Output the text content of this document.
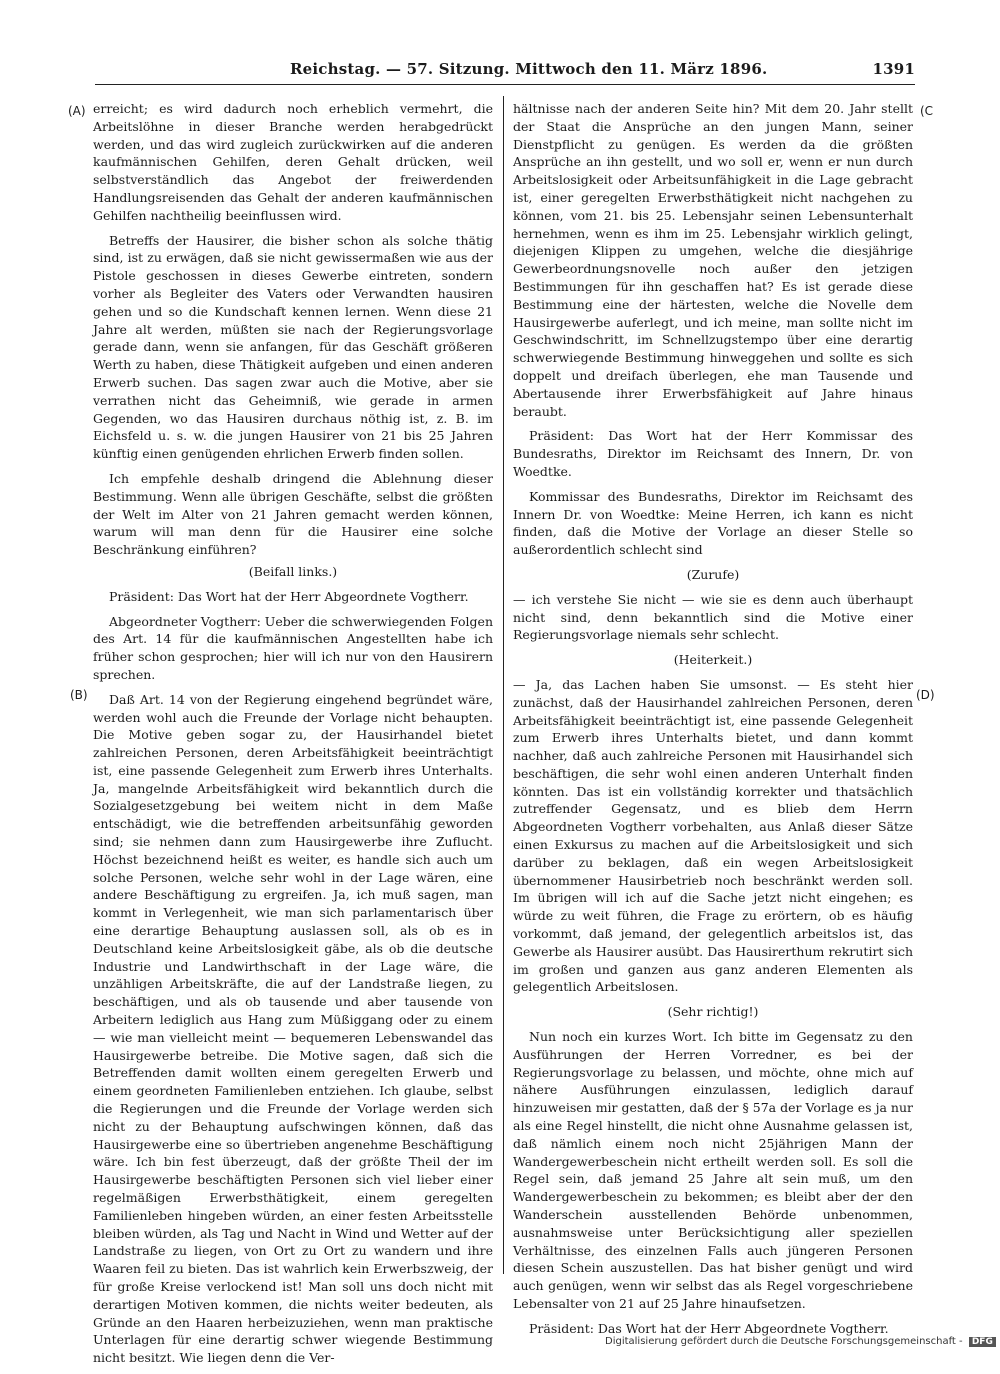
Reichstag. — 57. Sitzung. Mittwoch den 11. März 1896.	1391
(A)
(B)
(C
(D)

erreicht; es wird dadurch noch erheblich vermehrt, die Arbeitslöhne in dieser Branche werden herabgedrückt werden, und das wird zugleich zurückwirken auf die anderen kaufmännischen Gehilfen, deren Gehalt drücken, weil selbstverständlich das Angebot der freiwerdenden Handlungsreisenden das Gehalt der anderen kaufmännischen Gehilfen nachtheilig beeinflussen wird.

Betreffs der Hausirer, die bisher schon als solche thätig sind, ist zu erwägen, daß sie nicht gewissermaßen wie aus der Pistole geschossen in dieses Gewerbe eintreten, sondern vorher als Begleiter des Vaters oder Verwandten hausiren gehen und so die Kundschaft kennen lernen. Wenn diese 21 Jahre alt werden, müßten sie nach der Regierungsvorlage gerade dann, wenn sie anfangen, für das Geschäft größeren Werth zu haben, diese Thätigkeit aufgeben und einen anderen Erwerb suchen. Das sagen zwar auch die Motive, aber sie verrathen nicht das Geheimniß, wie gerade in armen Gegenden, wo das Hausiren durchaus nöthig ist, z. B. im Eichsfeld u. s. w. die jungen Hausirer von 21 bis 25 Jahren künftig einen genügenden ehrlichen Erwerb finden sollen.

Ich empfehle deshalb dringend die Ablehnung dieser Bestimmung. Wenn alle übrigen Geschäfte, selbst die größten der Welt im Alter von 21 Jahren gemacht werden können, warum will man denn für die Hausirer eine solche Beschränkung einführen?

(Beifall links.)

Präsident: Das Wort hat der Herr Abgeordnete Vogtherr.

Abgeordneter Vogtherr: Ueber die schwerwiegenden Folgen des Art. 14 für die kaufmännischen Angestellten habe ich früher schon gesprochen; hier will ich nur von den Hausirern sprechen.

Daß Art. 14 von der Regierung eingehend begründet wäre, werden wohl auch die Freunde der Vorlage nicht behaupten. Die Motive geben sogar zu, der Hausirhandel bietet zahlreichen Personen, deren Arbeitsfähigkeit beeinträchtigt ist, eine passende Gelegenheit zum Erwerb ihres Unterhalts. Ja, mangelnde Arbeitsfähigkeit wird bekanntlich durch die Sozialgesetzgebung bei weitem nicht in dem Maße entschädigt, wie die betreffenden arbeitsunfähig geworden sind; sie nehmen dann zum Hausirgewerbe ihre Zuflucht. Höchst bezeichnend heißt es weiter, es handle sich auch um solche Personen, welche sehr wohl in der Lage wären, eine andere Beschäftigung zu ergreifen. Ja, ich muß sagen, man kommt in Verlegenheit, wie man sich parlamentarisch über eine derartige Behauptung auslassen soll, als ob es in Deutschland keine Arbeitslosigkeit gäbe, als ob die deutsche Industrie und Landwirthschaft in der Lage wäre, die unzähligen Arbeitskräfte, die auf der Landstraße liegen, zu beschäftigen, und als ob tausende und aber tausende von Arbeitern lediglich aus Hang zum Müßiggang oder zu einem — wie man vielleicht meint — bequemeren Lebenswandel das Hausirgewerbe betreibe. Die Motive sagen, daß sich die Betreffenden damit wollten einem geregelten Erwerb und einem geordneten Familienleben entziehen. Ich glaube, selbst die Regierungen und die Freunde der Vorlage werden sich nicht zu der Behauptung aufschwingen können, daß das Hausirgewerbe eine so übertrieben angenehme Beschäftigung wäre. Ich bin fest überzeugt, daß der größte Theil der im Hausirgewerbe beschäftigten Personen sich viel lieber einer regelmäßigen Erwerbsthätigkeit, einem geregelten Familienleben hingeben würden, an einer festen Arbeitsstelle bleiben würden, als Tag und Nacht in Wind und Wetter auf der Landstraße zu liegen, von Ort zu Ort zu wandern und ihre Waaren feil zu bieten. Das ist wahrlich kein Erwerbszweig, der für große Kreise verlockend ist! Man soll uns doch nicht mit derartigen Motiven kommen, die nichts weiter bedeuten, als Gründe an den Haaren herbeizuziehen, wenn man praktische Unterlagen für eine derartig schwer wiegende Bestimmung nicht besitzt. Wie liegen denn die Ver-

hältnisse nach der anderen Seite hin? Mit dem 20. Jahr stellt der Staat die Ansprüche an den jungen Mann, seiner Dienstpflicht zu genügen. Es werden da die größten Ansprüche an ihn gestellt, und wo soll er, wenn er nun durch Arbeitslosigkeit oder Arbeitsunfähigkeit in die Lage gebracht ist, einer geregelten Erwerbsthätigkeit nicht nachgehen zu können, vom 21. bis 25. Lebensjahr seinen Lebensunterhalt hernehmen, wenn es ihm im 25. Lebensjahr wirklich gelingt, diejenigen Klippen zu umgehen, welche die diesjährige Gewerbeordnungsnovelle noch außer den jetzigen Bestimmungen für ihn geschaffen hat? Es ist gerade diese Bestimmung eine der härtesten, welche die Novelle dem Hausirgewerbe auferlegt, und ich meine, man sollte nicht im Geschwindschritt, im Schnellzugstempo über eine derartig schwerwiegende Bestimmung hinweggehen und sollte es sich doppelt und dreifach überlegen, ehe man Tausende und Abertausende ihrer Erwerbsfähigkeit auf Jahre hinaus beraubt.

Präsident: Das Wort hat der Herr Kommissar des Bundesraths, Direktor im Reichsamt des Innern, Dr. von Woedtke.

Kommissar des Bundesraths, Direktor im Reichsamt des Innern Dr. von Woedtke: Meine Herren, ich kann es nicht finden, daß die Motive der Vorlage an dieser Stelle so außerordentlich schlecht sind

(Zurufe)

— ich verstehe Sie nicht — wie sie es denn auch überhaupt nicht sind, denn bekanntlich sind die Motive einer Regierungsvorlage niemals sehr schlecht.

(Heiterkeit.)

— Ja, das Lachen haben Sie umsonst. — Es steht hier zunächst, daß der Hausirhandel zahlreichen Personen, deren Arbeitsfähigkeit beeinträchtigt ist, eine passende Gelegenheit zum Erwerb ihres Unterhalts bietet, und dann kommt nachher, daß auch zahlreiche Personen mit Hausirhandel sich beschäftigen, die sehr wohl einen anderen Unterhalt finden könnten. Das ist ein vollständig korrekter und thatsächlich zutreffender Gegensatz, und es blieb dem Herrn Abgeordneten Vogtherr vorbehalten, aus Anlaß dieser Sätze einen Exkursus zu machen auf die Arbeitslosigkeit und sich darüber zu beklagen, daß ein wegen Arbeitslosigkeit übernommener Hausirbetrieb noch beschränkt werden soll. Im übrigen will ich auf die Sache jetzt nicht eingehen; es würde zu weit führen, die Frage zu erörtern, ob es häufig vorkommt, daß jemand, der gelegentlich arbeitslos ist, das Gewerbe als Hausirer ausübt. Das Hausirerthum rekrutirt sich im großen und ganzen aus ganz anderen Elementen als gelegentlich Arbeitslosen.

(Sehr richtig!)

Nun noch ein kurzes Wort. Ich bitte im Gegensatz zu den Ausführungen der Herren Vorredner, es bei der Regierungsvorlage zu belassen, und möchte, ohne mich auf nähere Ausführungen einzulassen, lediglich darauf hinzuweisen mir gestatten, daß der § 57a der Vorlage es ja nur als eine Regel hinstellt, die nicht ohne Ausnahme gelassen ist, daß nämlich einem noch nicht 25jährigen Mann der Wandergewerbeschein nicht ertheilt werden soll. Es soll die Regel sein, daß jemand 25 Jahre alt sein muß, um den Wandergewerbeschein zu bekommen; es bleibt aber der den Wanderschein ausstellenden Behörde unbenommen, ausnahmsweise unter Berücksichtigung aller speziellen Verhältnisse, des einzelnen Falls auch jüngeren Personen diesen Schein auszustellen. Das hat bisher genügt und wird auch genügen, wenn wir selbst das als Regel vorgeschriebene Lebensalter von 21 auf 25 Jahre hinaufsetzen.

Präsident: Das Wort hat der Herr Abgeordnete Vogtherr.

Digitalisierung gefördert durch die Deutsche Forschungsgemeinschaft - DFG
